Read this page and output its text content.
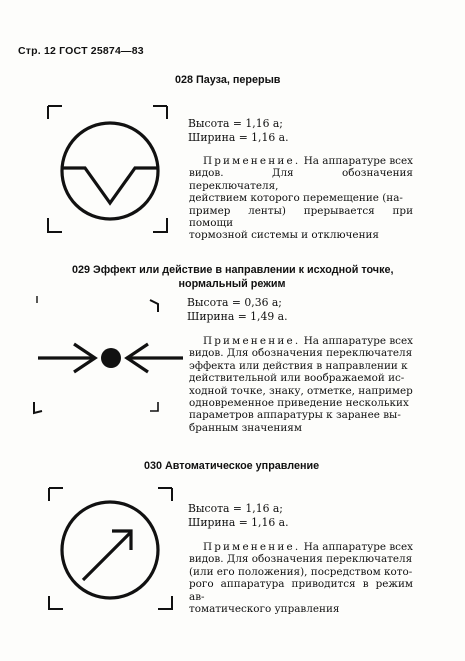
Стр. 12 ГОСТ 25874—83
028 Пауза, перерыв
Высота = 1,16 a;
Ширина = 1,16 a.
Применение. На аппаратуре всех
видов. Для обозначения переключателя,
действием которого перемещение (на-
пример ленты) прерывается при помощи
тормозной системы и отключения
029 Эффект или действие в направлении к исходной точке,
нормальный режим
Высота = 0,36 a;
Ширина = 1,49 a.
Применение. На аппаратуре всех
видов. Для обозначения переключателя
эффекта или действия в направлении к
действительной или воображаемой ис-
ходной точке, знаку, отметке, например
одновременное приведение нескольких
параметров аппаратуры к заранее вы-
бранным значениям
030 Автоматическое управление
Высота = 1,16 a;
Ширина = 1,16 a.
Применение. На аппаратуре всех
видов. Для обозначения переключателя
(или его положения), посредством кото-
рого аппаратура приводится в режим ав-
томатического управления
